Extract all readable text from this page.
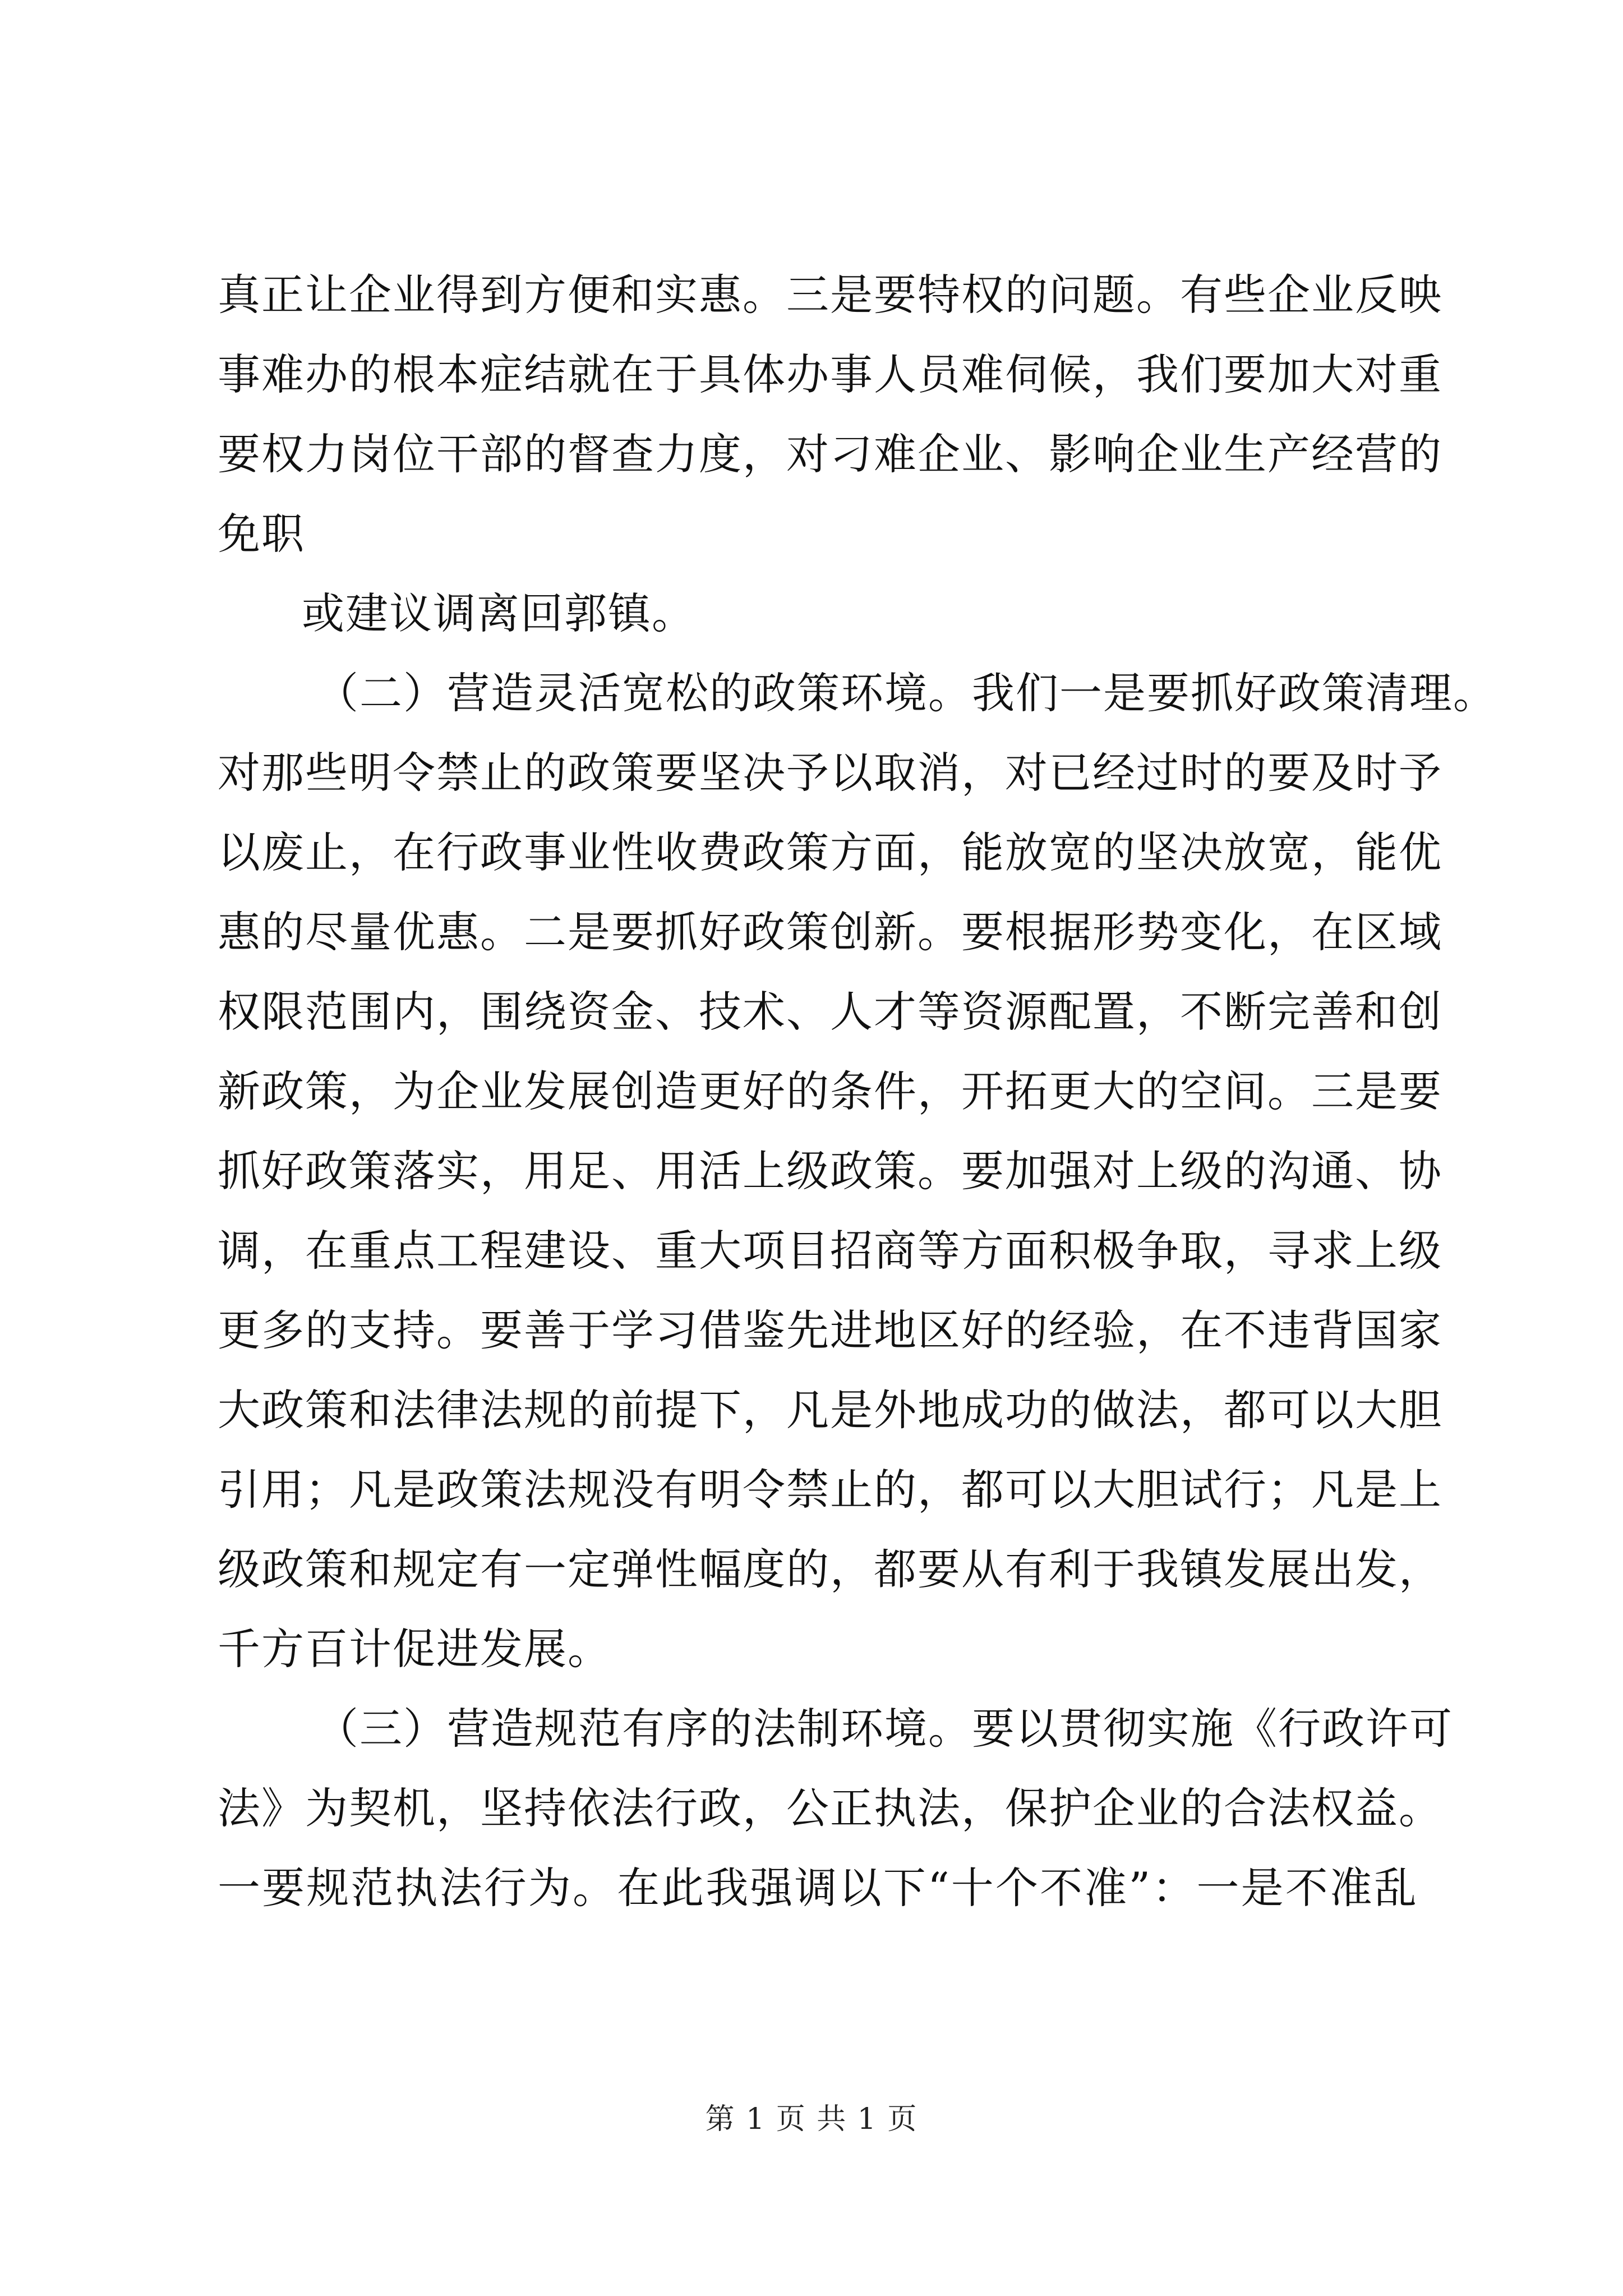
真正让企业得到方便和实惠。三是要特权的问题。有些企业反映
事难办的根本症结就在于具体办事人员难伺候，我们要加大对重
要权力岗位干部的督查力度，对刁难企业、影响企业生产经营的
免职
或建议调离回郭镇。
（二）营造灵活宽松的政策环境。我们一是要抓好政策清理。
对那些明令禁止的政策要坚决予以取消，对已经过时的要及时予
以废止，在行政事业性收费政策方面，能放宽的坚决放宽，能优
惠的尽量优惠。二是要抓好政策创新。要根据形势变化，在区域
权限范围内，围绕资金、技术、人才等资源配置，不断完善和创
新政策，为企业发展创造更好的条件，开拓更大的空间。三是要
抓好政策落实，用足、用活上级政策。要加强对上级的沟通、协
调，在重点工程建设、重大项目招商等方面积极争取，寻求上级
更多的支持。要善于学习借鉴先进地区好的经验，在不违背国家
大政策和法律法规的前提下，凡是外地成功的做法，都可以大胆
引用；凡是政策法规没有明令禁止的，都可以大胆试行；凡是上
级政策和规定有一定弹性幅度的，都要从有利于我镇发展出发，
千方百计促进发展。
（三）营造规范有序的法制环境。要以贯彻实施《行政许可
法》为契机，坚持依法行政，公正执法，保护企业的合法权益。
一要规范执法行为。在此我强调以下“十个不准”：一是不准乱
第 1 页 共 1 页
